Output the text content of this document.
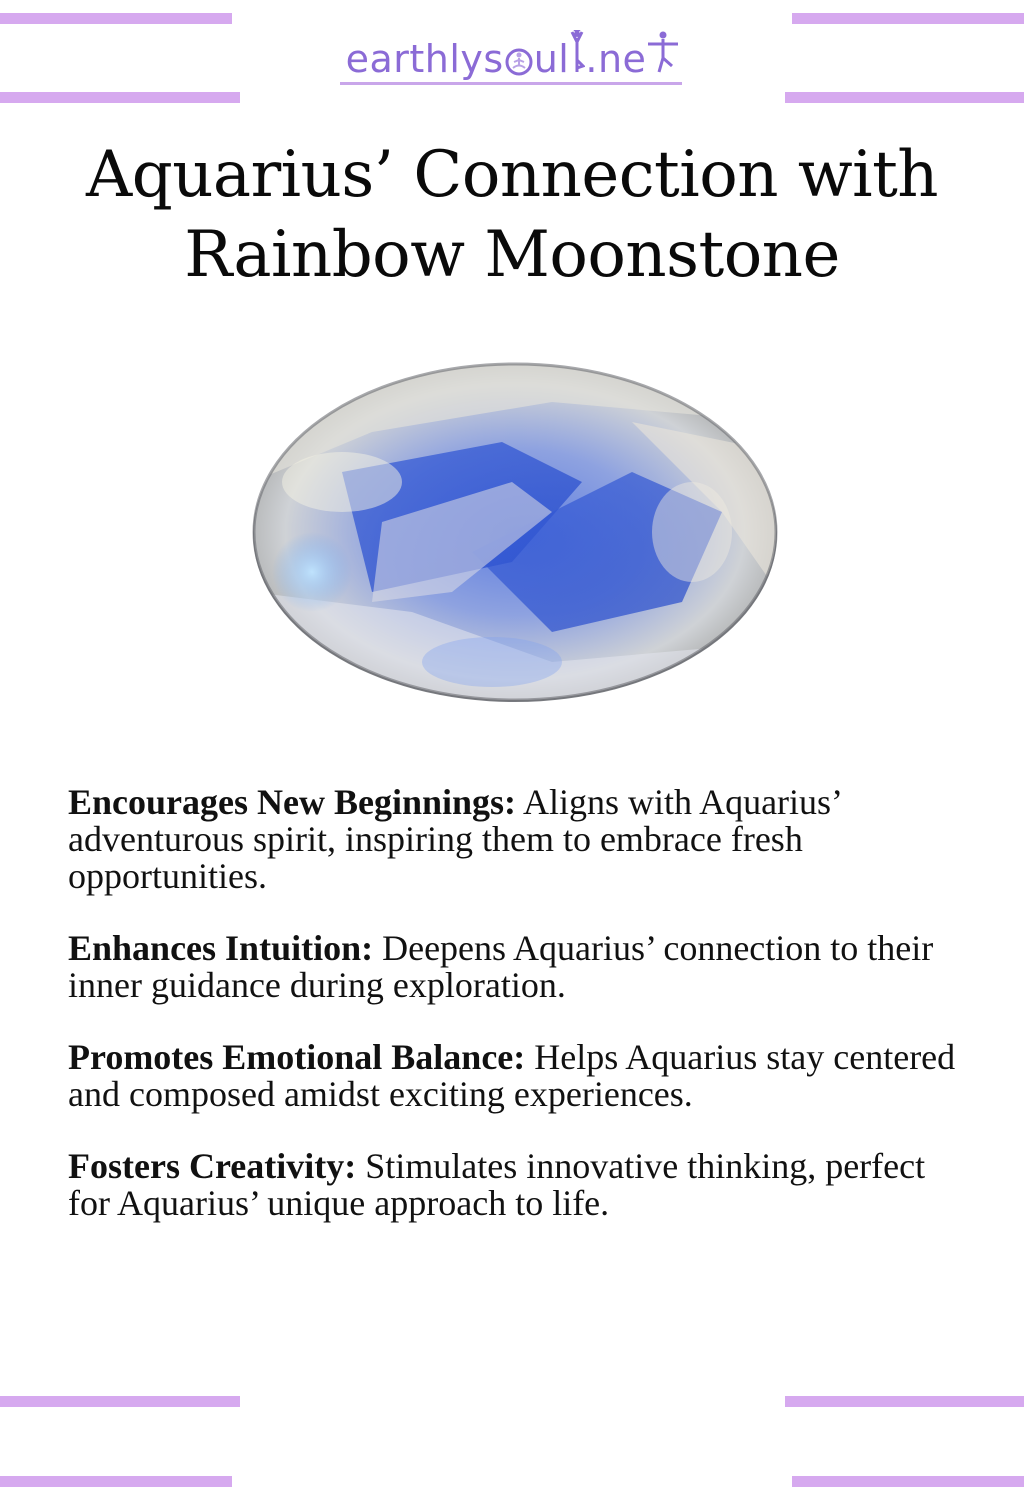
earthlys ul .ne
Aquarius’ Connection with
Rainbow Moonstone

Encourages New Beginnings: Aligns with Aquarius’ adventurous spirit, inspiring them to embrace fresh opportunities.

Enhances Intuition: Deepens Aquarius’ connection to their inner guidance during exploration.

Promotes Emotional Balance: Helps Aquarius stay centered and composed amidst exciting experiences.

Fosters Creativity: Stimulates innovative thinking, perfect for Aquarius’ unique approach to life.
